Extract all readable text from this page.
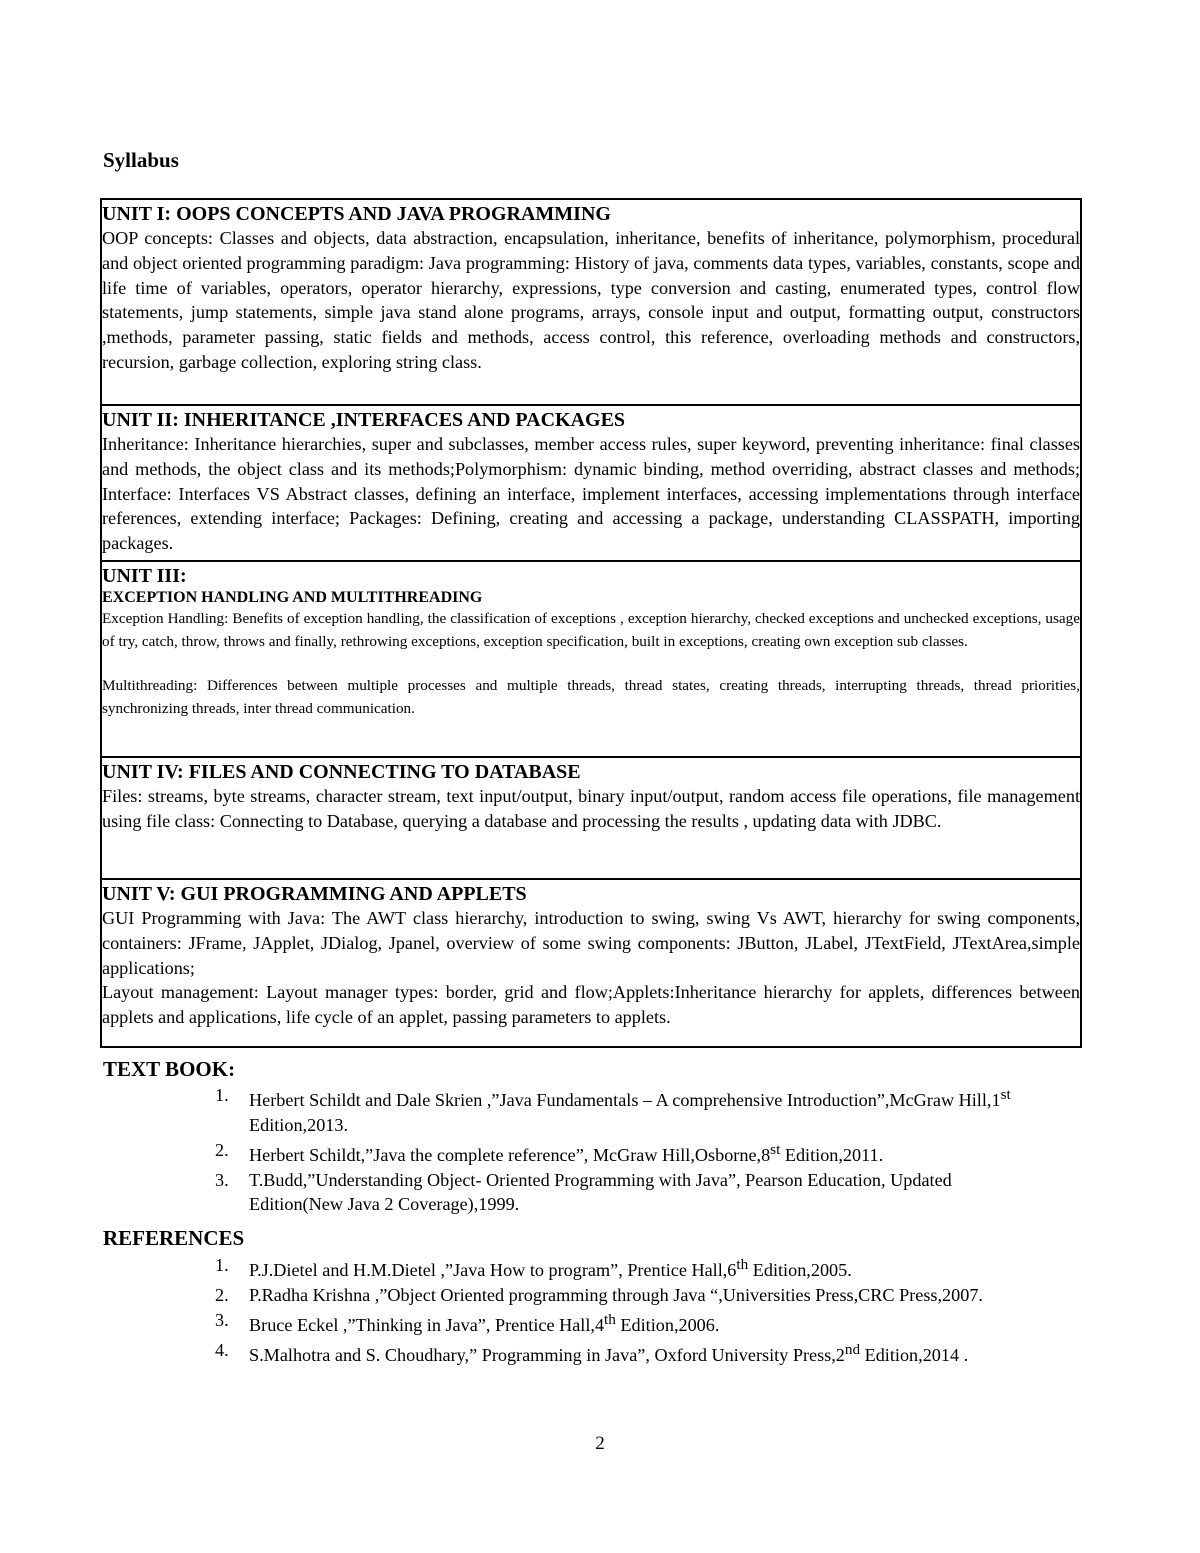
Syllabus
UNIT I: OOPS CONCEPTS AND JAVA PROGRAMMING

OOP concepts: Classes and objects, data abstraction, encapsulation, inheritance, benefits of inheritance, polymorphism, procedural and object oriented programming paradigm: Java programming: History of java, comments data types, variables, constants, scope and life time of variables, operators, operator hierarchy, expressions, type conversion and casting, enumerated types, control flow statements, jump statements, simple java stand alone programs, arrays, console input and output, formatting output, constructors ,methods, parameter passing, static fields and methods, access control, this reference, overloading methods and constructors, recursion, garbage collection, exploring string class.

UNIT II: INHERITANCE ,INTERFACES AND PACKAGES

Inheritance: Inheritance hierarchies, super and subclasses, member access rules, super keyword, preventing inheritance: final classes and methods, the object class and its methods;Polymorphism: dynamic binding, method overriding, abstract classes and methods; Interface: Interfaces VS Abstract classes, defining an interface, implement interfaces, accessing implementations through interface references, extending interface; Packages: Defining, creating and accessing a package, understanding CLASSPATH, importing packages.

UNIT III:
EXCEPTION HANDLING AND MULTITHREADING

Exception Handling: Benefits of exception handling, the classification of exceptions , exception hierarchy, checked exceptions and unchecked exceptions, usage of try, catch, throw, throws and finally, rethrowing exceptions, exception specification, built in exceptions, creating own exception sub classes.

Multithreading: Differences between multiple processes and multiple threads, thread states, creating threads, interrupting threads, thread priorities, synchronizing threads, inter thread communication.

UNIT IV: FILES AND CONNECTING TO DATABASE

Files: streams, byte streams, character stream, text input/output, binary input/output, random access file operations, file management using file class: Connecting to Database, querying a database and processing the results , updating data with JDBC.

UNIT V: GUI PROGRAMMING AND APPLETS

GUI Programming with Java: The AWT class hierarchy, introduction to swing, swing Vs AWT, hierarchy for swing components, containers: JFrame, JApplet, JDialog, Jpanel, overview of some swing components: JButton, JLabel, JTextField, JTextArea,simple applications;

Layout management: Layout manager types: border, grid and flow;Applets:Inheritance hierarchy for applets, differences between applets and applications, life cycle of an applet, passing parameters to applets.

TEXT BOOK:
1. Herbert Schildt and Dale Skrien ,”Java Fundamentals – A comprehensive Introduction”,McGraw Hill,1st Edition,2013.
2. Herbert Schildt,”Java the complete reference”, McGraw Hill,Osborne,8st Edition,2011.
3. T.Budd,”Understanding Object- Oriented Programming with Java”, Pearson Education, Updated Edition(New Java 2 Coverage),1999.
REFERENCES
1. P.J.Dietel and H.M.Dietel ,”Java How to program”, Prentice Hall,6th Edition,2005.
2. P.Radha Krishna ,”Object Oriented programming through Java “,Universities Press,CRC Press,2007.
3. Bruce Eckel ,”Thinking in Java”, Prentice Hall,4th Edition,2006.
4. S.Malhotra and S. Choudhary,” Programming in Java”, Oxford University Press,2nd Edition,2014 .
2
